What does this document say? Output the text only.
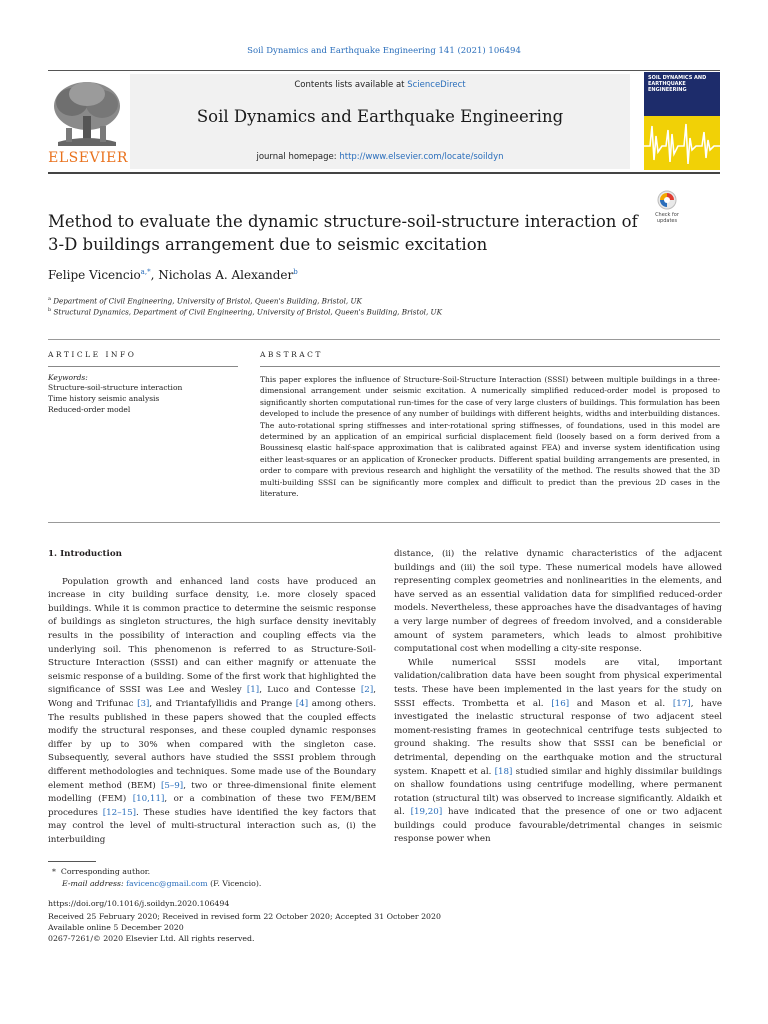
Soil Dynamics and Earthquake Engineering 141 (2021) 106494
ELSEVIER
Contents lists available at ScienceDirect
Soil Dynamics and Earthquake Engineering
journal homepage: http://www.elsevier.com/locate/soildyn
SOIL DYNAMICS AND EARTHQUAKE ENGINEERING
Check for updates
Method to evaluate the dynamic structure-soil-structure interaction of 3-D buildings arrangement due to seismic excitation
Felipe Vicencio$^{a,*}$, Nicholas A. Alexander$^b$
$^a$ Department of Civil Engineering, University of Bristol, Queen's Building, Bristol, UK
$^b$ Structural Dynamics, Department of Civil Engineering, University of Bristol, Queen's Building, Bristol, UK
ARTICLE INFO
Keywords:
Structure-soil-structure interaction
Time history seismic analysis
Reduced-order model
ABSTRACT
This paper explores the influence of Structure-Soil-Structure Interaction (SSSI) between multiple buildings in a three-dimensional arrangement under seismic excitation. A numerically simplified reduced-order model is proposed to significantly shorten computational run-times for the case of very large clusters of buildings. This formulation has been developed to include the presence of any number of buildings with different heights, widths and interbuilding distances. The auto-rotational spring stiffnesses and inter-rotational spring stiffnesses, of foundations, used in this model are determined by an application of an empirical surficial displacement field (loosely based on a form derived from a Boussinesq elastic half-space approximation that is calibrated against FEA) and inverse system identification using either least-squares or an application of Kronecker products. Different spatial building arrangements are presented, in order to compare with previous research and highlight the versatility of the method. The results showed that the 3D multi-building SSSI can be significantly more complex and difficult to predict than the previous 2D cases in the literature.

1. Introduction

Population growth and enhanced land costs have produced an increase in city building surface density, i.e. more closely spaced buildings. While it is common practice to determine the seismic response of buildings as singleton structures, the high surface density inevitably results in the possibility of interaction and coupling effects via the underlying soil. This phenomenon is referred to as Structure-Soil-Structure Interaction (SSSI) and can either magnify or attenuate the seismic response of a building. Some of the first work that highlighted the significance of SSSI was Lee and Wesley [1], Luco and Contesse [2], Wong and Trifunac [3], and Triantafyllidis and Prange [4] among others. The results published in these papers showed that the coupled effects modify the structural responses, and these coupled dynamic responses differ by up to 30% when compared with the singleton case. Subsequently, several authors have studied the SSSI problem through different methodologies and techniques. Some made use of the Boundary element method (BEM) [5–9], two or three-dimensional finite element modelling (FEM) [10,11], or a combination of these two FEM/BEM procedures [12–15]. These studies have identified the key factors that may control the level of multi-structural interaction such as, (i) the interbuilding

distance, (ii) the relative dynamic characteristics of the adjacent buildings and (iii) the soil type. These numerical models have allowed representing complex geometries and nonlinearities in the elements, and have served as an essential validation data for simplified reduced-order models. Nevertheless, these approaches have the disadvantages of having a very large number of degrees of freedom involved, and a considerable amount of system parameters, which leads to almost prohibitive computational cost when modelling a city-site response.

While numerical SSSI models are vital, important validation/calibration data have been sought from physical experimental tests. These have been implemented in the last years for the study on SSSI effects. Trombetta et al. [16] and Mason et al. [17], have investigated the inelastic structural response of two adjacent steel moment-resisting frames in geotechnical centrifuge tests subjected to ground shaking. The results show that SSSI can be beneficial or detrimental, depending on the earthquake motion and the structural system. Knapett et al. [18] studied similar and highly dissimilar buildings on shallow foundations using centrifuge modelling, where permanent rotation (structural tilt) was observed to increase significantly. Aldaikh et al. [19,20] have indicated that the presence of one or two adjacent buildings could produce favourable/detrimental changes in seismic response power when

* Corresponding author.
E-mail address: favicenc@gmail.com (F. Vicencio).
https://doi.org/10.1016/j.soildyn.2020.106494
Received 25 February 2020; Received in revised form 22 October 2020; Accepted 31 October 2020
Available online 5 December 2020
0267-7261/© 2020 Elsevier Ltd. All rights reserved.
